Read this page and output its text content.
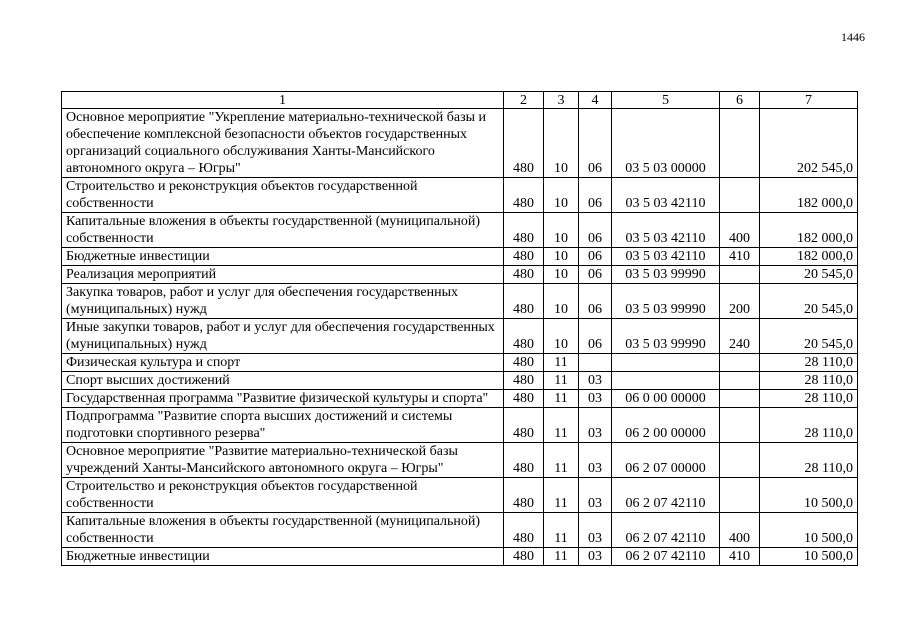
1446
1	2	3	4	5	6	7
Основное мероприятие "Укрепление материально-технической базы и обеспечение комплексной безопасности объектов государственных организаций социального обслуживания Ханты-Мансийского автономного округа – Югры"	480	10	06	03 5 03 00000		202 545,0
Строительство и реконструкция объектов государственной собственности	480	10	06	03 5 03 42110		182 000,0
Капитальные вложения в объекты государственной (муниципальной) собственности	480	10	06	03 5 03 42110	400	182 000,0
Бюджетные инвестиции	480	10	06	03 5 03 42110	410	182 000,0
Реализация мероприятий	480	10	06	03 5 03 99990		20 545,0
Закупка товаров, работ и услуг для обеспечения государственных (муниципальных) нужд	480	10	06	03 5 03 99990	200	20 545,0
Иные закупки товаров, работ и услуг для обеспечения государственных (муниципальных) нужд	480	10	06	03 5 03 99990	240	20 545,0
Физическая культура и спорт	480	11				28 110,0
Спорт высших достижений	480	11	03			28 110,0
Государственная программа "Развитие физической культуры и спорта"	480	11	03	06 0 00 00000		28 110,0
Подпрограмма "Развитие спорта высших достижений и системы подготовки спортивного резерва"	480	11	03	06 2 00 00000		28 110,0
Основное мероприятие "Развитие материально-технической базы учреждений Ханты-Мансийского автономного округа – Югры"	480	11	03	06 2 07 00000		28 110,0
Строительство и реконструкция объектов государственной собственности	480	11	03	06 2 07 42110		10 500,0
Капитальные вложения в объекты государственной (муниципальной) собственности	480	11	03	06 2 07 42110	400	10 500,0
Бюджетные инвестиции	480	11	03	06 2 07 42110	410	10 500,0
